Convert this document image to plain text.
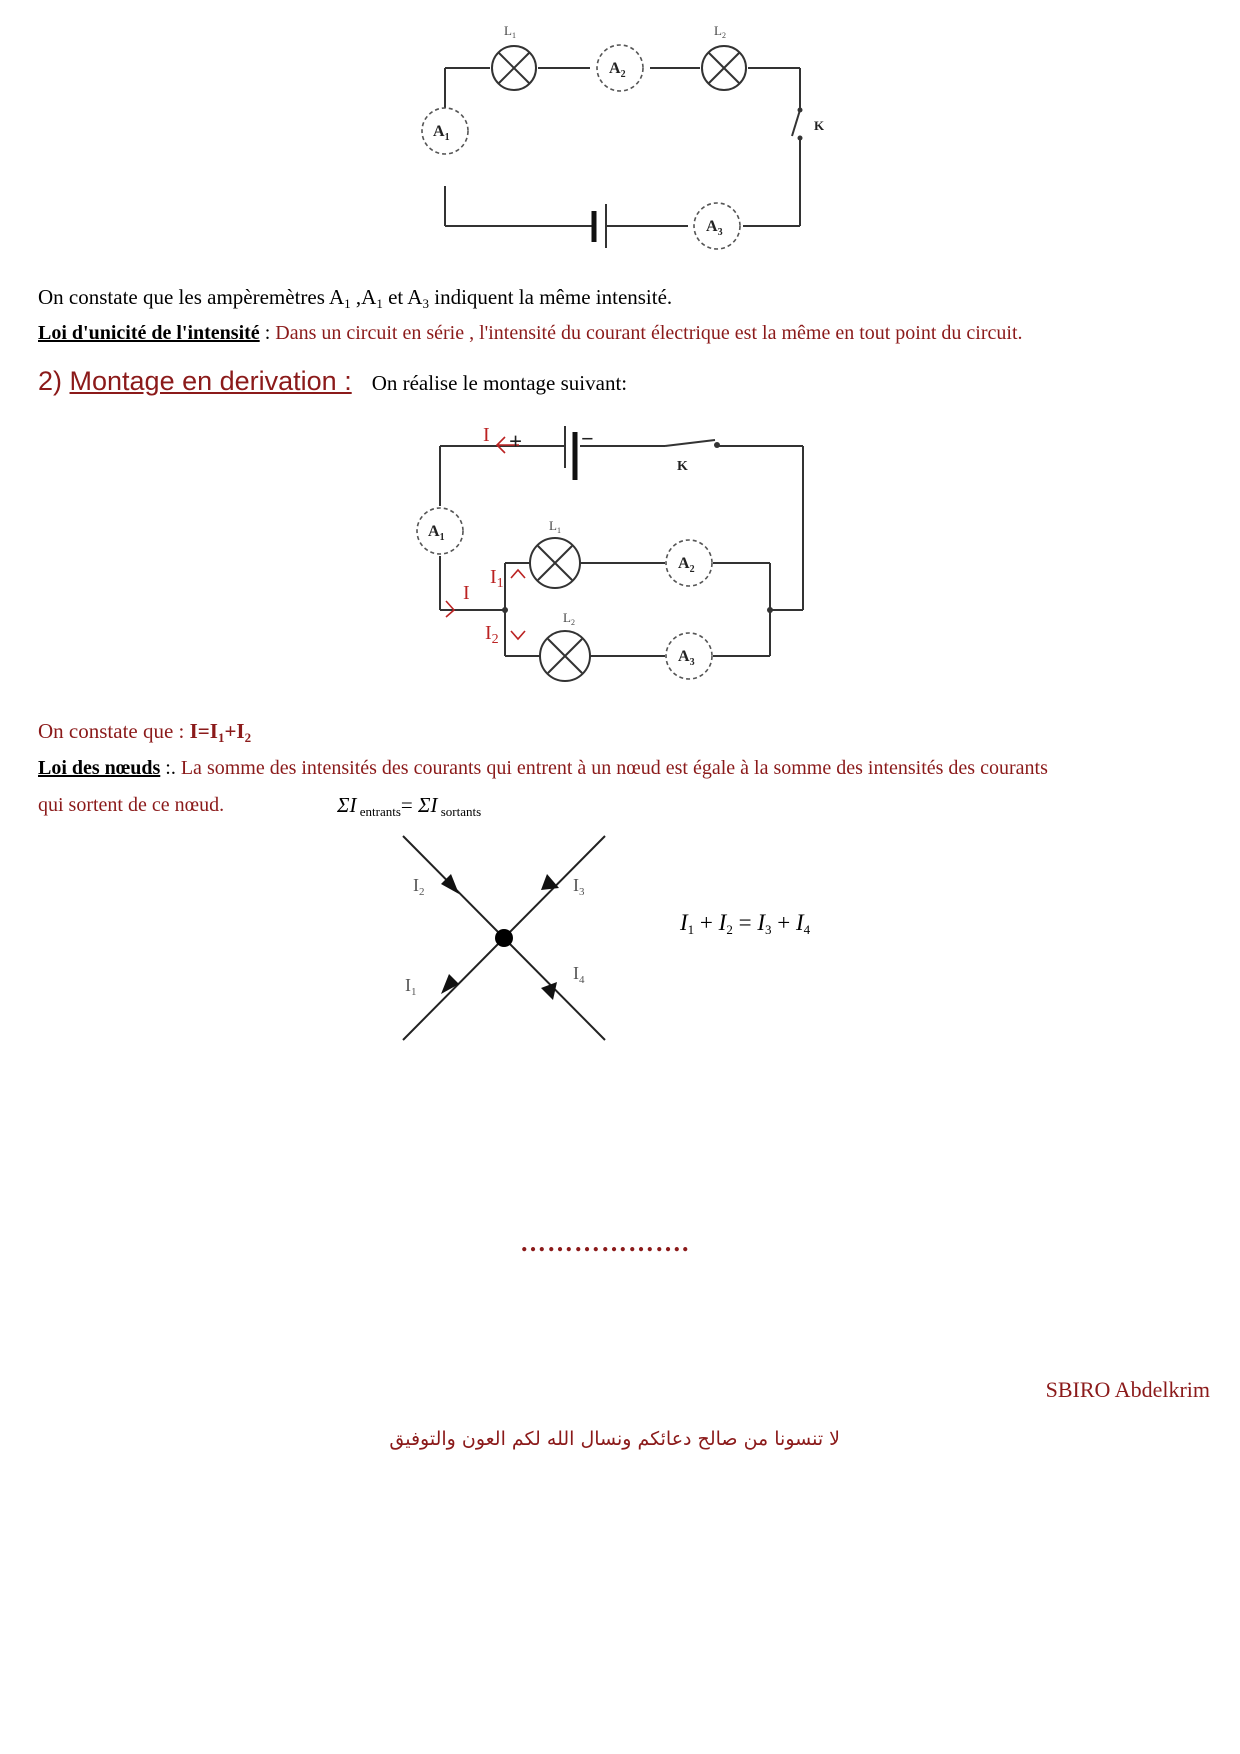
$L_1$	$L_2$
$A_2$
$A_1$
$A_3$
K
On constate que les ampèremètres $A_1$ $,A_1$ et $A_3$ indiquent la même intensité.
Loi d'unicité de l'intensité : Dans un circuit en série , l'intensité du courant électrique est la même en tout point du circuit.
2) Montage en derivation : On réalise le montage suivant:
I +	−
K
$A_1$
$L_1$
$A_2$
$L_2$
$A_3$
I
$I_1$
$I_2$
On constate que : $I=I_1+I_2$
Loi des nœuds :. La somme des intensités des courants qui entrent à un nœud est égale à la somme des intensités des courants
qui sortent de ce nœud.	ΣI $_{entrants}$= ΣI $_{sortants}$
$I_2$	$I_3$
$I_1$
$I_4$
$I_1 + I_2 = I_3 + I_4$
……………….
SBIRO Abdelkrim
لا تنسونا من صالح دعائكم ونسال الله لكم العون والتوفيق
